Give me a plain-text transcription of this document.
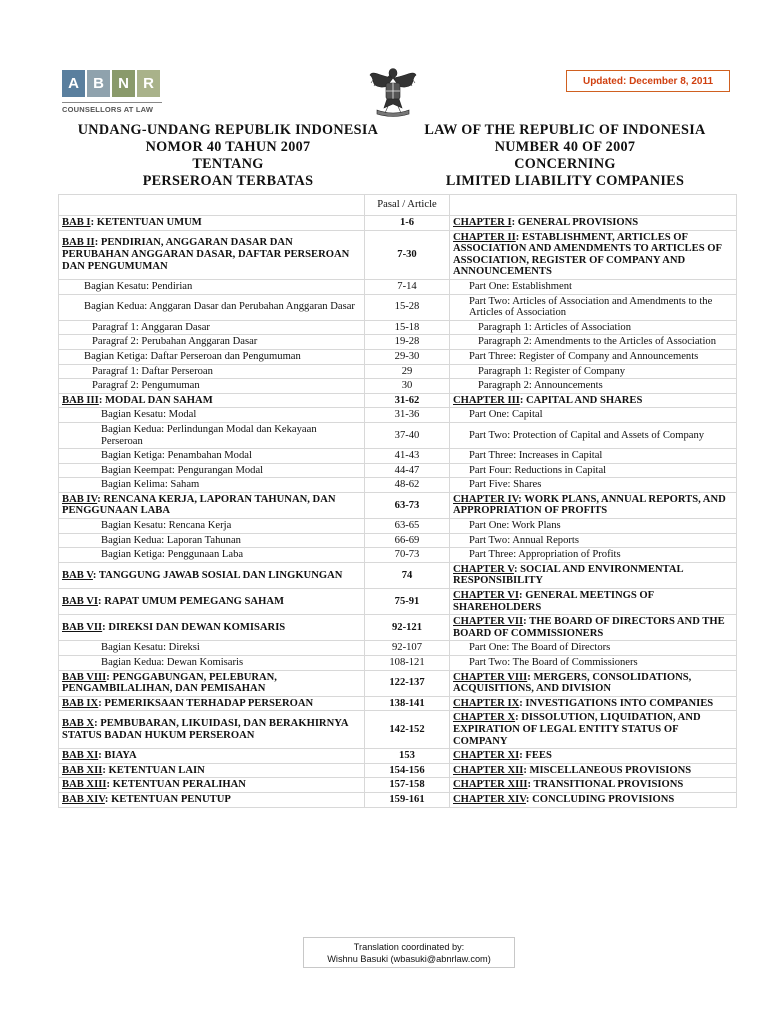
A B N R
COUNSELLORS AT LAW
Updated: December 8, 2011
UNDANG-UNDANG REPUBLIK INDONESIA
NOMOR 40 TAHUN 2007
TENTANG
PERSEROAN TERBATAS
LAW OF THE REPUBLIC OF INDONESIA
NUMBER 40 OF 2007
CONCERNING
LIMITED LIABILITY COMPANIES
	Pasal / Article	
BAB I: KETENTUAN UMUM	1-6	CHAPTER I: GENERAL PROVISIONS
BAB II: PENDIRIAN, ANGGARAN DASAR DAN PERUBAHAN ANGGARAN DASAR, DAFTAR PERSEROAN DAN PENGUMUMAN	7-30	CHAPTER II: ESTABLISHMENT, ARTICLES OF ASSOCIATION AND AMENDMENTS TO ARTICLES OF ASSOCIATION, REGISTER OF COMPANY AND ANNOUNCEMENTS
Bagian Kesatu: Pendirian	7-14	Part One: Establishment
Bagian Kedua: Anggaran Dasar dan Perubahan Anggaran Dasar	15-28	Part Two: Articles of Association and Amendments to the Articles of Association
Paragraf 1: Anggaran Dasar	15-18	Paragraph 1: Articles of Association
Paragraf 2: Perubahan Anggaran Dasar	19-28	Paragraph 2: Amendments to the Articles of Association
Bagian Ketiga: Daftar Perseroan dan Pengumuman	29-30	Part Three: Register of Company and Announcements
Paragraf 1: Daftar Perseroan	29	Paragraph 1: Register of Company
Paragraf 2: Pengumuman	30	Paragraph 2: Announcements
BAB III: MODAL DAN SAHAM	31-62	CHAPTER III: CAPITAL AND SHARES
Bagian Kesatu: Modal	31-36	Part One: Capital
Bagian Kedua: Perlindungan Modal dan Kekayaan Perseroan	37-40	Part Two: Protection of Capital and Assets of Company
Bagian Ketiga: Penambahan Modal	41-43	Part Three: Increases in Capital
Bagian Keempat: Pengurangan Modal	44-47	Part Four: Reductions in Capital
Bagian Kelima: Saham	48-62	Part Five: Shares
BAB IV: RENCANA KERJA, LAPORAN TAHUNAN, DAN PENGGUNAAN LABA	63-73	CHAPTER IV: WORK PLANS, ANNUAL REPORTS, AND APPROPRIATION OF PROFITS
Bagian Kesatu: Rencana Kerja	63-65	Part One: Work Plans
Bagian Kedua: Laporan Tahunan	66-69	Part Two: Annual Reports
Bagian Ketiga: Penggunaan Laba	70-73	Part Three: Appropriation of Profits
BAB V: TANGGUNG JAWAB SOSIAL DAN LINGKUNGAN	74	CHAPTER V: SOCIAL AND ENVIRONMENTAL RESPONSIBILITY
BAB VI: RAPAT UMUM PEMEGANG SAHAM	75-91	CHAPTER VI: GENERAL MEETINGS OF SHAREHOLDERS
BAB VII: DIREKSI DAN DEWAN KOMISARIS	92-121	CHAPTER VII: THE BOARD OF DIRECTORS AND THE BOARD OF COMMISSIONERS
Bagian Kesatu: Direksi	92-107	Part One: The Board of Directors
Bagian Kedua: Dewan Komisaris	108-121	Part Two: The Board of Commissioners
BAB VIII: PENGGABUNGAN, PELEBURAN, PENGAMBILALIHAN, DAN PEMISAHAN	122-137	CHAPTER VIII: MERGERS, CONSOLIDATIONS, ACQUISITIONS, AND DIVISION
BAB IX: PEMERIKSAAN TERHADAP PERSEROAN	138-141	CHAPTER IX: INVESTIGATIONS INTO COMPANIES
BAB X: PEMBUBARAN, LIKUIDASI, DAN BERAKHIRNYA STATUS BADAN HUKUM PERSEROAN	142-152	CHAPTER X: DISSOLUTION, LIQUIDATION, AND EXPIRATION OF LEGAL ENTITY STATUS OF COMPANY
BAB XI: BIAYA	153	CHAPTER XI: FEES
BAB XII: KETENTUAN LAIN	154-156	CHAPTER XII: MISCELLANEOUS PROVISIONS
BAB XIII: KETENTUAN PERALIHAN	157-158	CHAPTER XIII: TRANSITIONAL PROVISIONS
BAB XIV: KETENTUAN PENUTUP	159-161	CHAPTER XIV: CONCLUDING PROVISIONS
Translation coordinated by:
Wishnu Basuki (wbasuki@abnrlaw.com)
